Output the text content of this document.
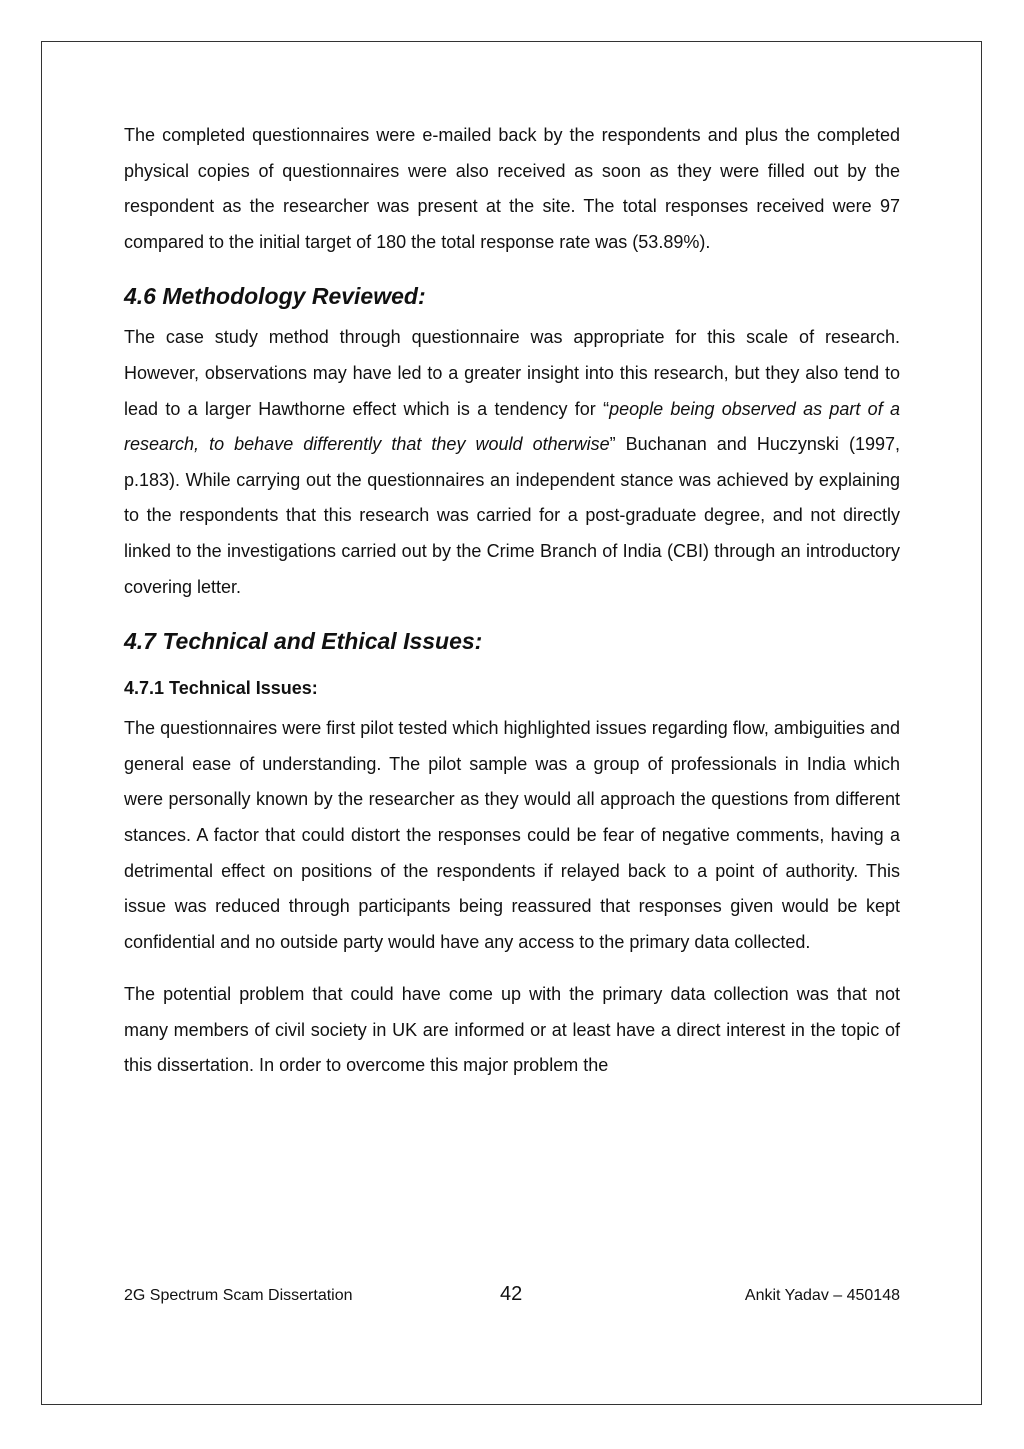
The completed questionnaires were e-mailed back by the respondents and plus the completed physical copies of questionnaires were also received as soon as they were filled out by the respondent as the researcher was present at the site. The total responses received were 97 compared to the initial target of 180 the total response rate was (53.89%).

4.6 Methodology Reviewed:

The case study method through questionnaire was appropriate for this scale of research. However, observations may have led to a greater insight into this research, but they also tend to lead to a larger Hawthorne effect which is a tendency for “people being observed as part of a research, to behave differently that they would otherwise” Buchanan and Huczynski (1997, p.183). While carrying out the questionnaires an independent stance was achieved by explaining to the respondents that this research was carried for a post-graduate degree, and not directly linked to the investigations carried out by the Crime Branch of India (CBI) through an introductory covering letter.

4.7 Technical and Ethical Issues:
4.7.1 Technical Issues:

The questionnaires were first pilot tested which highlighted issues regarding flow, ambiguities and general ease of understanding. The pilot sample was a group of professionals in India which were personally known by the researcher as they would all approach the questions from different stances. A factor that could distort the responses could be fear of negative comments, having a detrimental effect on positions of the respondents if relayed back to a point of authority. This issue was reduced through participants being reassured that responses given would be kept confidential and no outside party would have any access to the primary data collected.

The potential problem that could have come up with the primary data collection was that not many members of civil society in UK are informed or at least have a direct interest in the topic of this dissertation. In order to overcome this major problem the

2G Spectrum Scam Dissertation	42	Ankit Yadav – 450148
